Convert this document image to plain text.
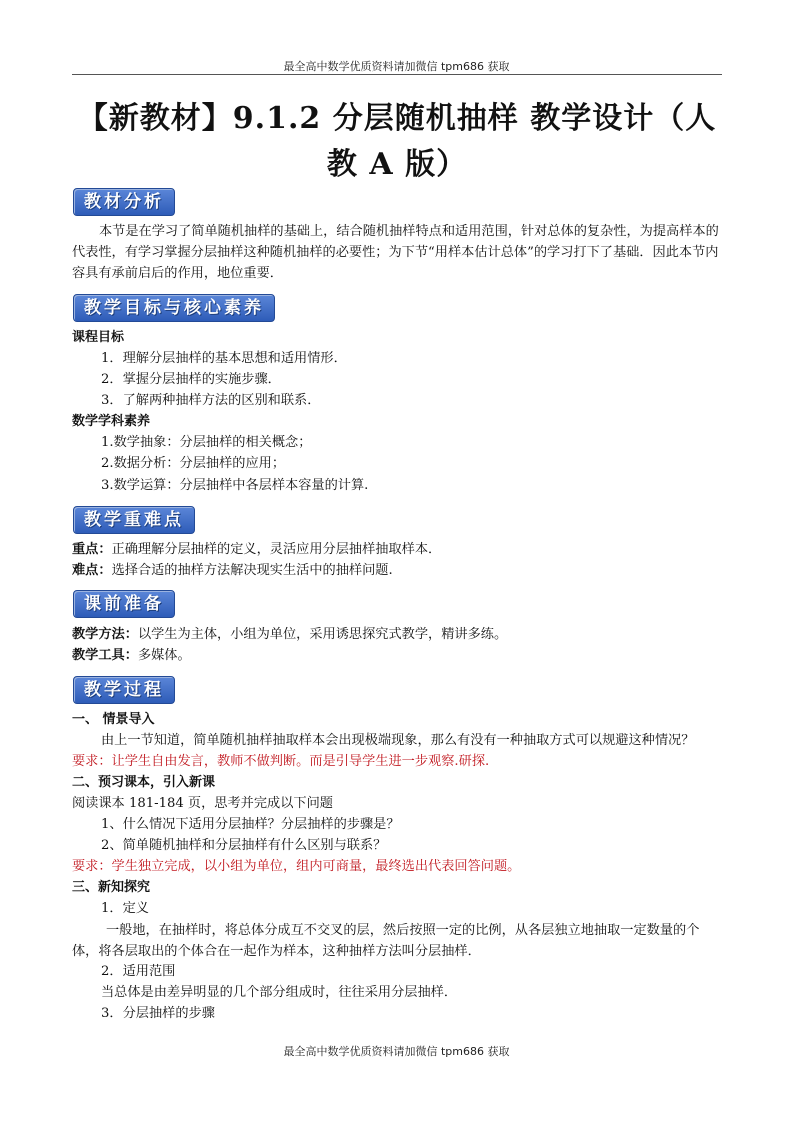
最全高中数学优质资料请加微信 tpm686 获取
【新教材】9.1.2 分层随机抽样 教学设计（人
教 A 版）
教材分析
本节是在学习了简单随机抽样的基础上，结合随机抽样特点和适用范围，针对总体的复杂性，为提高样本的代表性，有学习掌握分层抽样这种随机抽样的必要性；为下节“用样本估计总体”的学习打下了基础．因此本节内容具有承前启后的作用，地位重要．
教学目标与核心素养
课程目标
1．理解分层抽样的基本思想和适用情形．
2．掌握分层抽样的实施步骤．
3．了解两种抽样方法的区别和联系．
数学学科素养
1.数学抽象：分层抽样的相关概念；
2.数据分析：分层抽样的应用；
3.数学运算：分层抽样中各层样本容量的计算.
教学重难点
重点：正确理解分层抽样的定义，灵活应用分层抽样抽取样本．
难点：选择合适的抽样方法解决现实生活中的抽样问题.
课前准备
教学方法：以学生为主体，小组为单位，采用诱思探究式教学，精讲多练。
教学工具：多媒体。
教学过程
一、 情景导入
由上一节知道，简单随机抽样抽取样本会出现极端现象，那么有没有一种抽取方式可以规避这种情况？
要求：让学生自由发言，教师不做判断。而是引导学生进一步观察.研探.
二、预习课本，引入新课
阅读课本 181-184 页，思考并完成以下问题
1、什么情况下适用分层抽样？分层抽样的步骤是？
2、简单随机抽样和分层抽样有什么区别与联系？
要求：学生独立完成，以小组为单位，组内可商量，最终选出代表回答问题。
三、新知探究
1．定义
一般地，在抽样时，将总体分成互不交叉的层，然后按照一定的比例，从各层独立地抽取一定数量的个体，将各层取出的个体合在一起作为样本，这种抽样方法叫分层抽样．
2．适用范围
当总体是由差异明显的几个部分组成时，往往采用分层抽样．
3．分层抽样的步骤
最全高中数学优质资料请加微信 tpm686 获取
